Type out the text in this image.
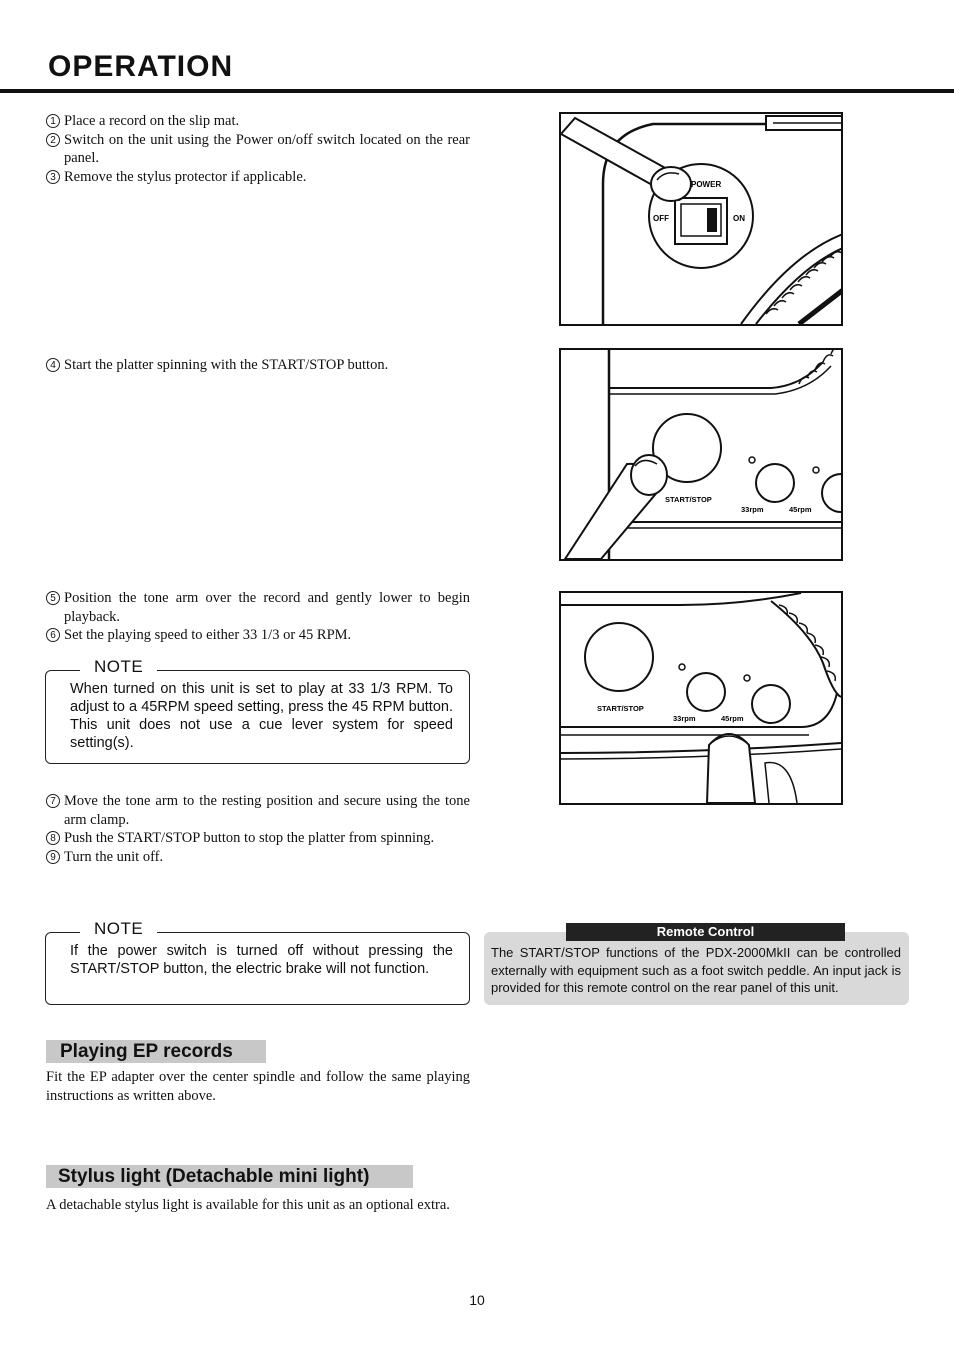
OPERATION
1 Place a record on the slip mat.
2 Switch on the unit using the Power on/off switch located on the rear panel.
3 Remove the stylus protector if applicable.
4 Start the platter spinning with the START/STOP button.
5 Position the tone arm over the record and gently lower to begin playback.
6 Set the playing speed to either 33 1/3 or 45 RPM.
NOTE
When turned on this unit is set to play at 33 1/3 RPM. To adjust to a 45RPM speed setting, press the 45 RPM button. This unit does not use a cue lever system for speed setting(s).
7 Move the tone arm to the resting position and secure using the tone arm clamp.
8 Push the START/STOP button to stop the platter from spinning.
9 Turn the unit off.
NOTE
If the power switch is turned off without pressing the START/STOP button, the electric brake will not function.
The START/STOP functions of the PDX-2000MkII can be controlled externally with equipment such as a foot switch peddle. An input jack is provided for this remote control on the rear panel of this unit.
Remote Control
Playing EP records
Fit the EP adapter over the center spindle and follow the same playing instructions as written above.
Stylus light (Detachable mini light)
A detachable stylus light is available for this unit as an optional extra.
POWER
OFF	ON
START/STOP
33rpm	45rpm
START/STOP
33rpm	45rpm
10
